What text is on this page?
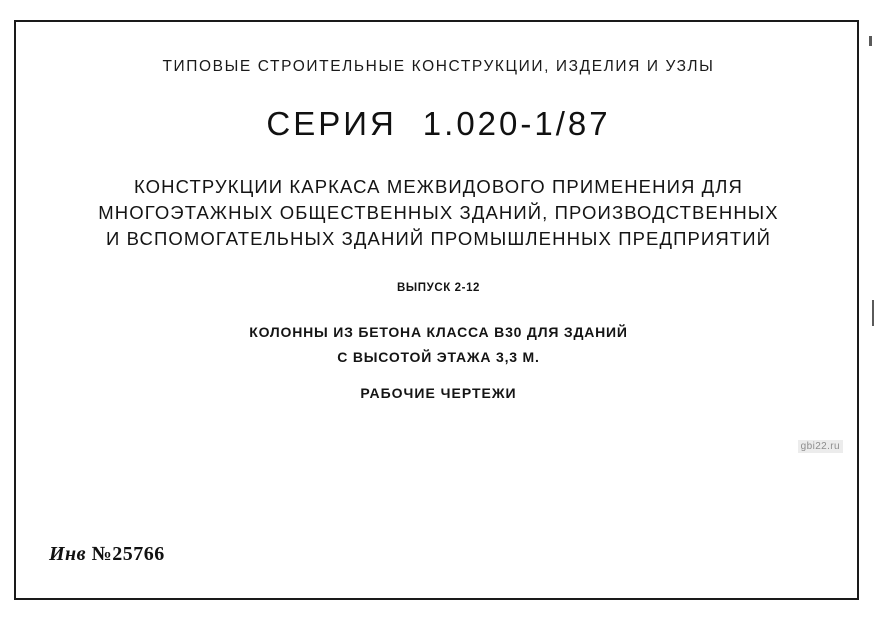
ТИПОВЫЕ СТРОИТЕЛЬНЫЕ КОНСТРУКЦИИ, ИЗДЕЛИЯ И УЗЛЫ
СЕРИЯ 1.020-1/87
КОНСТРУКЦИИ КАРКАСА МЕЖВИДОВОГО ПРИМЕНЕНИЯ ДЛЯ
МНОГОЭТАЖНЫХ ОБЩЕСТВЕННЫХ ЗДАНИЙ, ПРОИЗВОДСТВЕННЫХ
И ВСПОМОГАТЕЛЬНЫХ ЗДАНИЙ ПРОМЫШЛЕННЫХ ПРЕДПРИЯТИЙ
ВЫПУСК 2-12
КОЛОННЫ ИЗ БЕТОНА КЛАССА В30 ДЛЯ ЗДАНИЙ
С ВЫСОТОЙ ЭТАЖА 3,3 М.
РАБОЧИЕ ЧЕРТЕЖИ
gbi22.ru
Инв №25766
